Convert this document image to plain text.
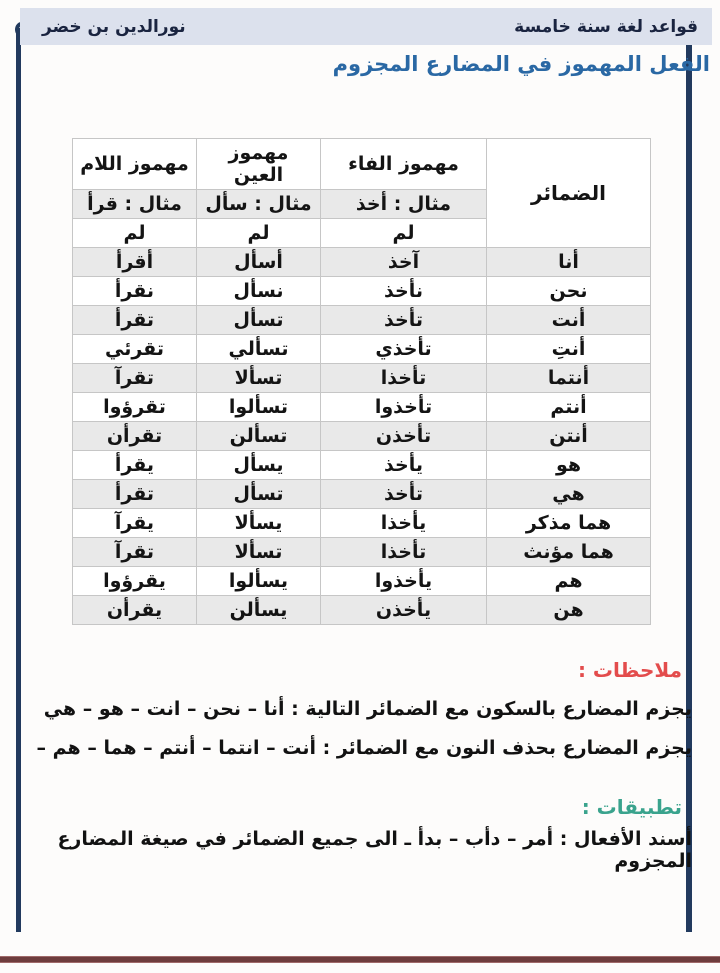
قواعد لغة سنة خامسة
نورالدين بن خضر
الفعل المهموز في المضارع المجزوم
الضمائر	مهموز الفاء	مهموز العين	مهموز اللام
	مثال : أخذ	مثال : سأل	مثال : قرأ
	لم	لم	لم
أنا	آخذ	أسأل	أقرأ
نحن	نأخذ	نسأل	نقرأ
أنت	تأخذ	تسأل	تقرأ
أنتِ	تأخذي	تسألي	تقرئي
أنتما	تأخذا	تسألا	تقرآ
أنتم	تأخذوا	تسألوا	تقرؤوا
أنتن	تأخذن	تسألن	تقرأن
هو	يأخذ	يسأل	يقرأ
هي	تأخذ	تسأل	تقرأ
هما مذكر	يأخذا	يسألا	يقرآ
هما مؤنث	تأخذا	تسألا	تقرآ
هم	يأخذوا	يسألوا	يقرؤوا
هن	يأخذن	يسألن	يقرأن
ملاحظات :
يجزم المضارع بالسكون مع الضمائر التالية : أنا – نحن – انت – هو – هي
يجزم المضارع بحذف النون مع الضمائر : أنت – انتما – أنتم – هما – هم –
تطبيقات :
أسند الأفعال : أمر – دأب – بدأ ـ الى جميع الضمائر في صيغة المضارع المجزوم
